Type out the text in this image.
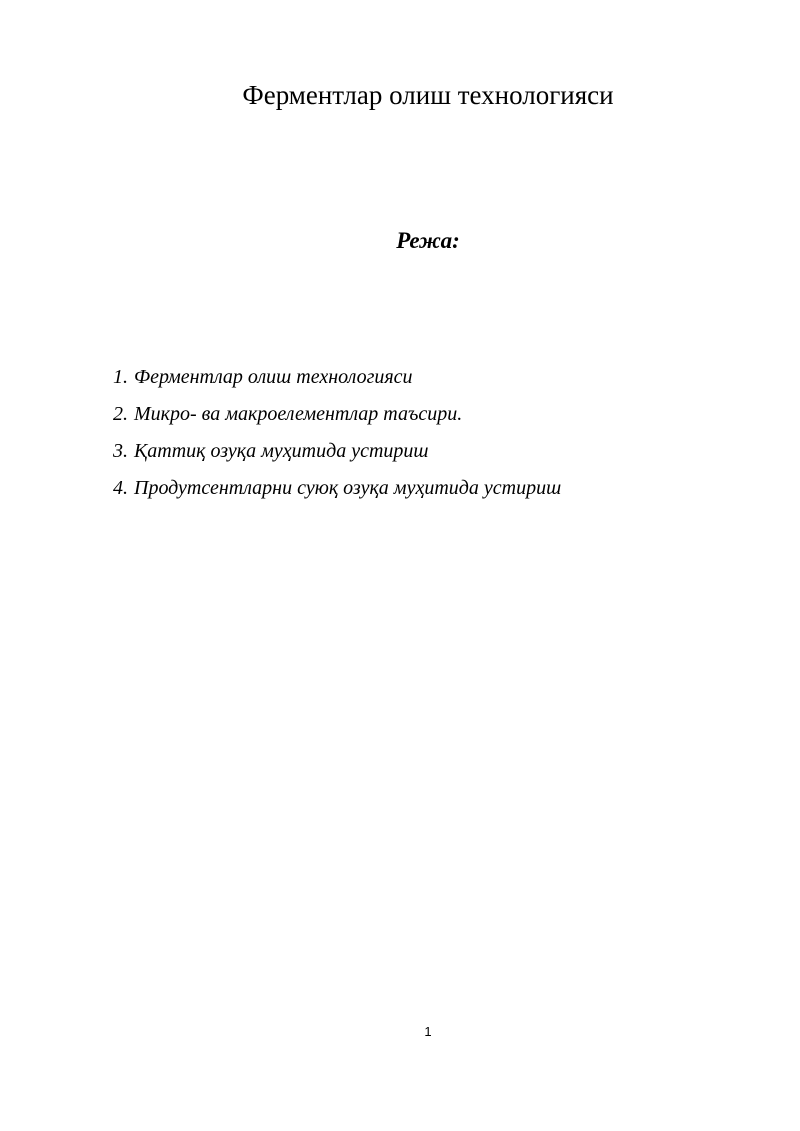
Ферментлар олиш технологияси
Режа:
1. Ферментлар олиш технологияси
2. Микро- ва макроелементлар таъсири.
3. Қаттиқ озуқа муҳитида устириш
4. Продутсентларни суюқ озуқа муҳитида устириш
1
